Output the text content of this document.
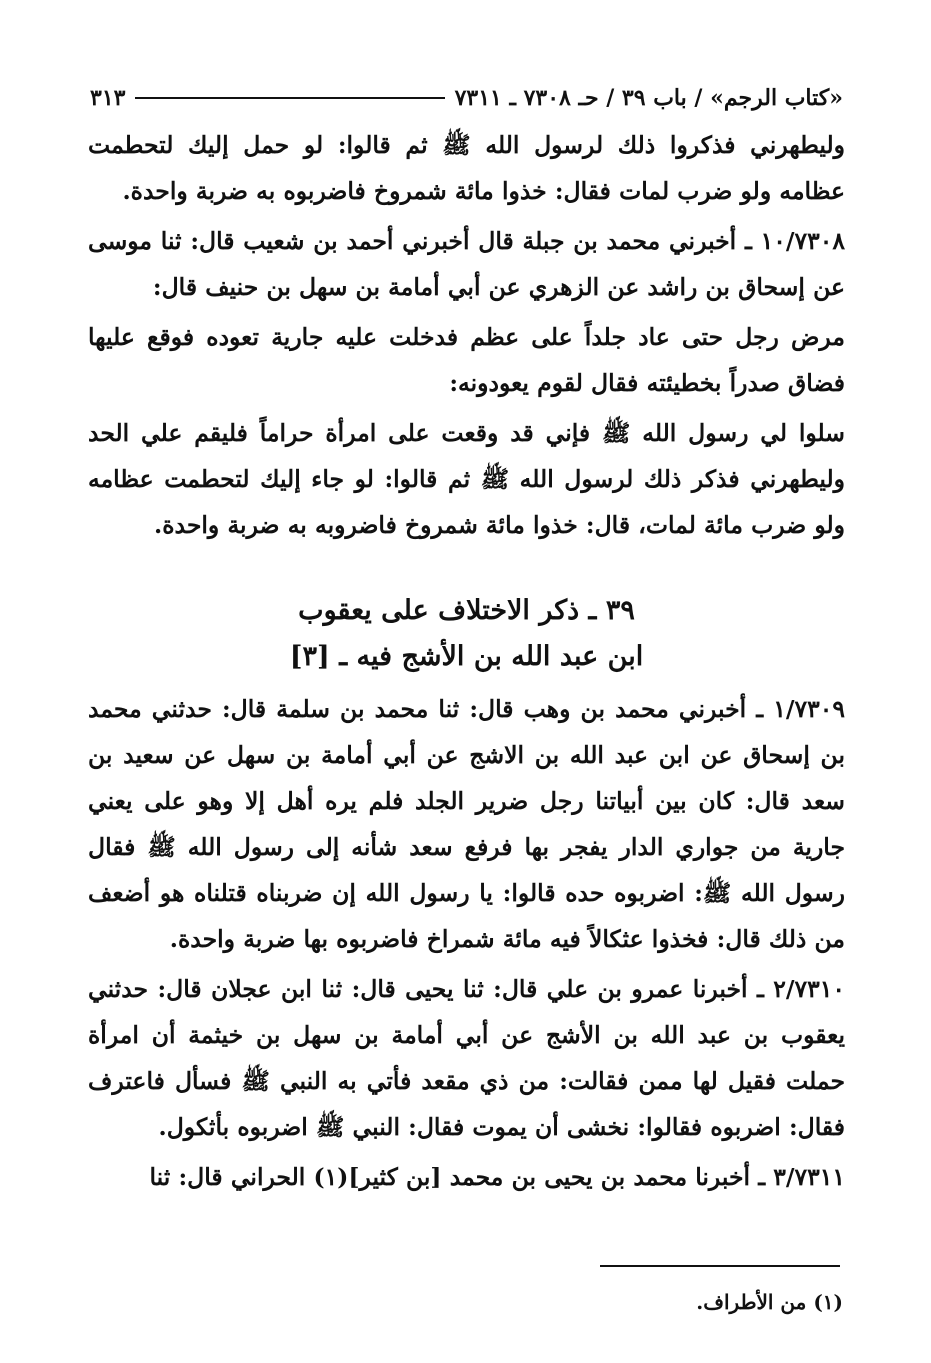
«كتاب الرجم» / باب ٣٩ / حـ ٧٣٠٨ ـ ٧٣١١
٣١٣

وليطهرني فذكروا ذلك لرسول الله ﷺ ثم قالوا: لو حمل إليك لتحطمت عظامه ولو ضرب لمات فقال: خذوا مائة شمروخ فاضربوه به ضربة واحدة.

١٠/٧٣٠٨ ـ أخبرني محمد بن جبلة قال أخبرني أحمد بن شعيب قال: ثنا موسى عن إسحاق بن راشد عن الزهري عن أبي أمامة بن سهل بن حنيف قال:

مرض رجل حتى عاد جلداً على عظم فدخلت عليه جارية تعوده فوقع عليها فضاق صدراً بخطيئته فقال لقوم يعودونه:

سلوا لي رسول الله ﷺ فإني قد وقعت على امرأة حراماً فليقم علي الحد وليطهرني فذكر ذلك لرسول الله ﷺ ثم قالوا: لو جاء إليك لتحطمت عظامه ولو ضرب مائة لمات، قال: خذوا مائة شمروخ فاضروبه به ضربة واحدة.

٣٩ ـ ذكر الاختلاف على يعقوب
ابن عبد الله بن الأشج فيه ـ [٣]

١/٧٣٠٩ ـ أخبرني محمد بن وهب قال: ثنا محمد بن سلمة قال: حدثني محمد بن إسحاق عن ابن عبد الله بن الاشج عن أبي أمامة بن سهل عن سعيد بن سعد قال: كان بين أبياتنا رجل ضرير الجلد فلم يره أهل إلا وهو على يعني جارية من جواري الدار يفجر بها فرفع سعد شأنه إلى رسول الله ﷺ فقال رسول الله ﷺ: اضربوه حده قالوا: يا رسول الله إن ضربناه قتلناه هو أضعف من ذلك قال: فخذوا عثكالاً فيه مائة شمراخ فاضربوه بها ضربة واحدة.

٢/٧٣١٠ ـ أخبرنا عمرو بن علي قال: ثنا يحيى قال: ثنا ابن عجلان قال: حدثني يعقوب بن عبد الله بن الأشج عن أبي أمامة بن سهل بن خيثمة أن امرأة حملت فقيل لها ممن فقالت: من ذي مقعد فأتي به النبي ﷺ فسأل فاعترف فقال: اضربوه فقالوا: نخشى أن يموت فقال: النبي ﷺ اضربوه بأثكول.

٣/٧٣١١ ـ أخبرنا محمد بن يحيى بن محمد [بن كثير](١) الحراني قال: ثنا

(١) من الأطراف.
